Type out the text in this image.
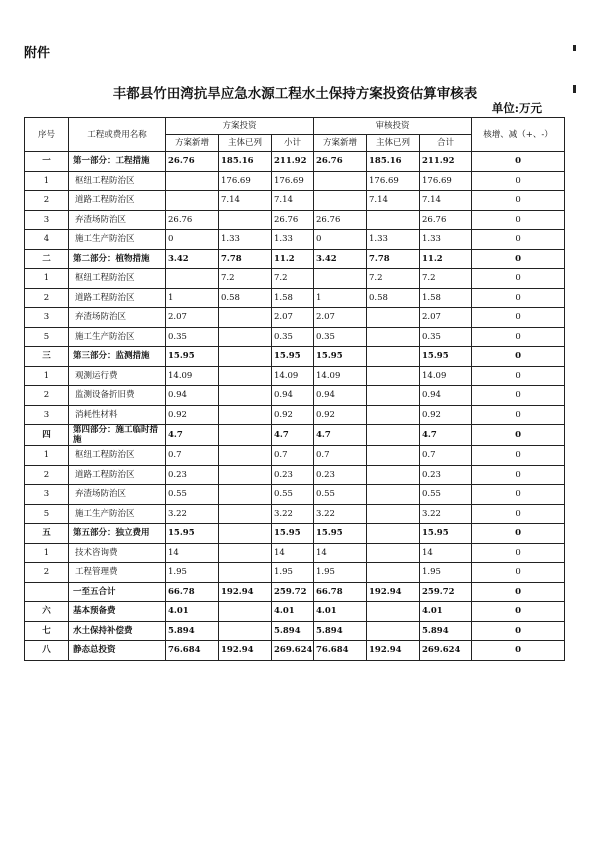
附件
丰都县竹田湾抗旱应急水源工程水土保持方案投资估算审核表
单位:万元
序号	工程或费用名称	方案投资			审核投资			核增、减（+、-）
		方案新增	主体已列	小计	方案新增	主体已列	合计	
一	第一部分：工程措施	26.76	185.16	211.92	26.76	185.16	211.92	0
1	枢纽工程防治区		176.69	176.69		176.69	176.69	0
2	道路工程防治区		7.14	7.14		7.14	7.14	0
3	弃渣场防治区	26.76		26.76	26.76		26.76	0
4	施工生产防治区	0	1.33	1.33	0	1.33	1.33	0
二	第二部分：植物措施	3.42	7.78	11.2	3.42	7.78	11.2	0
1	枢纽工程防治区		7.2	7.2		7.2	7.2	0
2	道路工程防治区	1	0.58	1.58	1	0.58	1.58	0
3	弃渣场防治区	2.07		2.07	2.07		2.07	0
5	施工生产防治区	0.35		0.35	0.35		0.35	0
三	第三部分：监测措施	15.95		15.95	15.95		15.95	0
1	观测运行费	14.09		14.09	14.09		14.09	0
2	监测设备折旧费	0.94		0.94	0.94		0.94	0
3	消耗性材料	0.92		0.92	0.92		0.92	0
四	第四部分：施工临时措施	4.7		4.7	4.7		4.7	0
1	枢纽工程防治区	0.7		0.7	0.7		0.7	0
2	道路工程防治区	0.23		0.23	0.23		0.23	0
3	弃渣场防治区	0.55		0.55	0.55		0.55	0
5	施工生产防治区	3.22		3.22	3.22		3.22	0
五	第五部分：独立费用	15.95		15.95	15.95		15.95	0
1	技术咨询费	14		14	14		14	0
2	工程管理费	1.95		1.95	1.95		1.95	0
	一至五合计	66.78	192.94	259.72	66.78	192.94	259.72	0
六	基本预备费	4.01		4.01	4.01		4.01	0
七	水土保持补偿费	5.894		5.894	5.894		5.894	0
八	静态总投资	76.684	192.94	269.624	76.684	192.94	269.624	0
